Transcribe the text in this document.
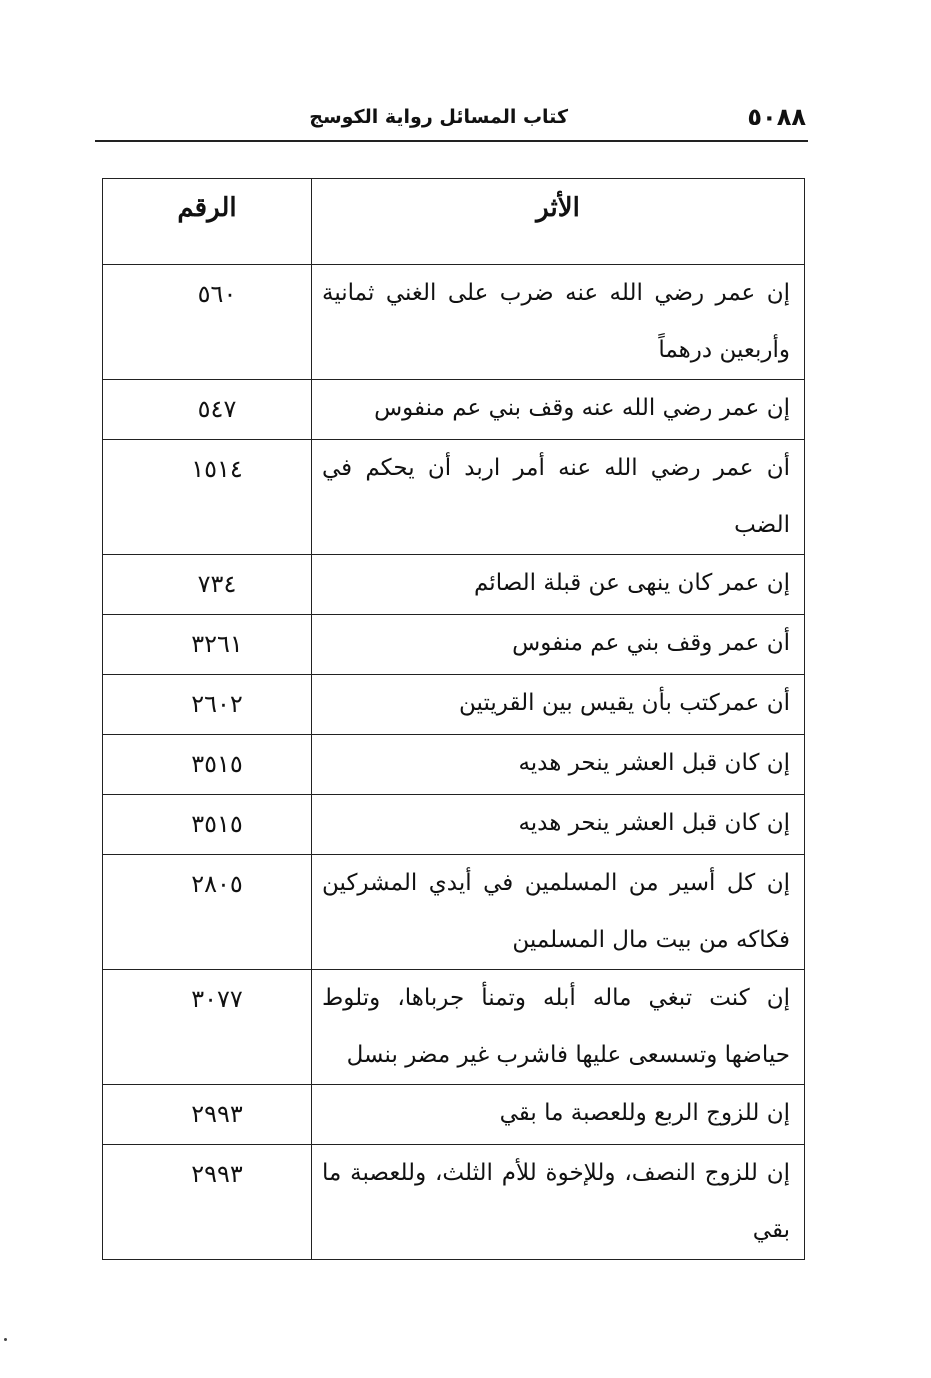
٥٠٨٨
كتاب المسائل رواية الكوسج
الأثر	الرقم
إن عمر رضي الله عنه ضرب على الغني ثمانية وأربعين درهماً	٥٦٠
إن عمر رضي الله عنه وقف بني عم منفوس	٥٤٧
أن عمر رضي الله عنه أمر اربد أن يحكم في الضب	١٥١٤
إن عمر كان ينهى عن قبلة الصائم	٧٣٤
أن عمر وقف بني عم منفوس	٣٢٦١
أن عمركتب بأن يقيس بين القريتين	٢٦٠٢
إن كان قبل العشر ينحر هديه	٣٥١٥
إن كان قبل العشر ينحر هديه	٣٥١٥
إن كل أسير من المسلمين في أيدي المشركين فكاكه من بيت مال المسلمين	٢٨٠٥
إن كنت تبغي ماله أبله وتمنأ جرباها، وتلوط حياضها وتسسعى عليها فاشرب غير مضر بنسل	٣٠٧٧
إن للزوج الربع وللعصبة ما بقي	٢٩٩٣
إن للزوج النصف، وللإخوة للأم الثلث، وللعصبة ما بقي	٢٩٩٣
